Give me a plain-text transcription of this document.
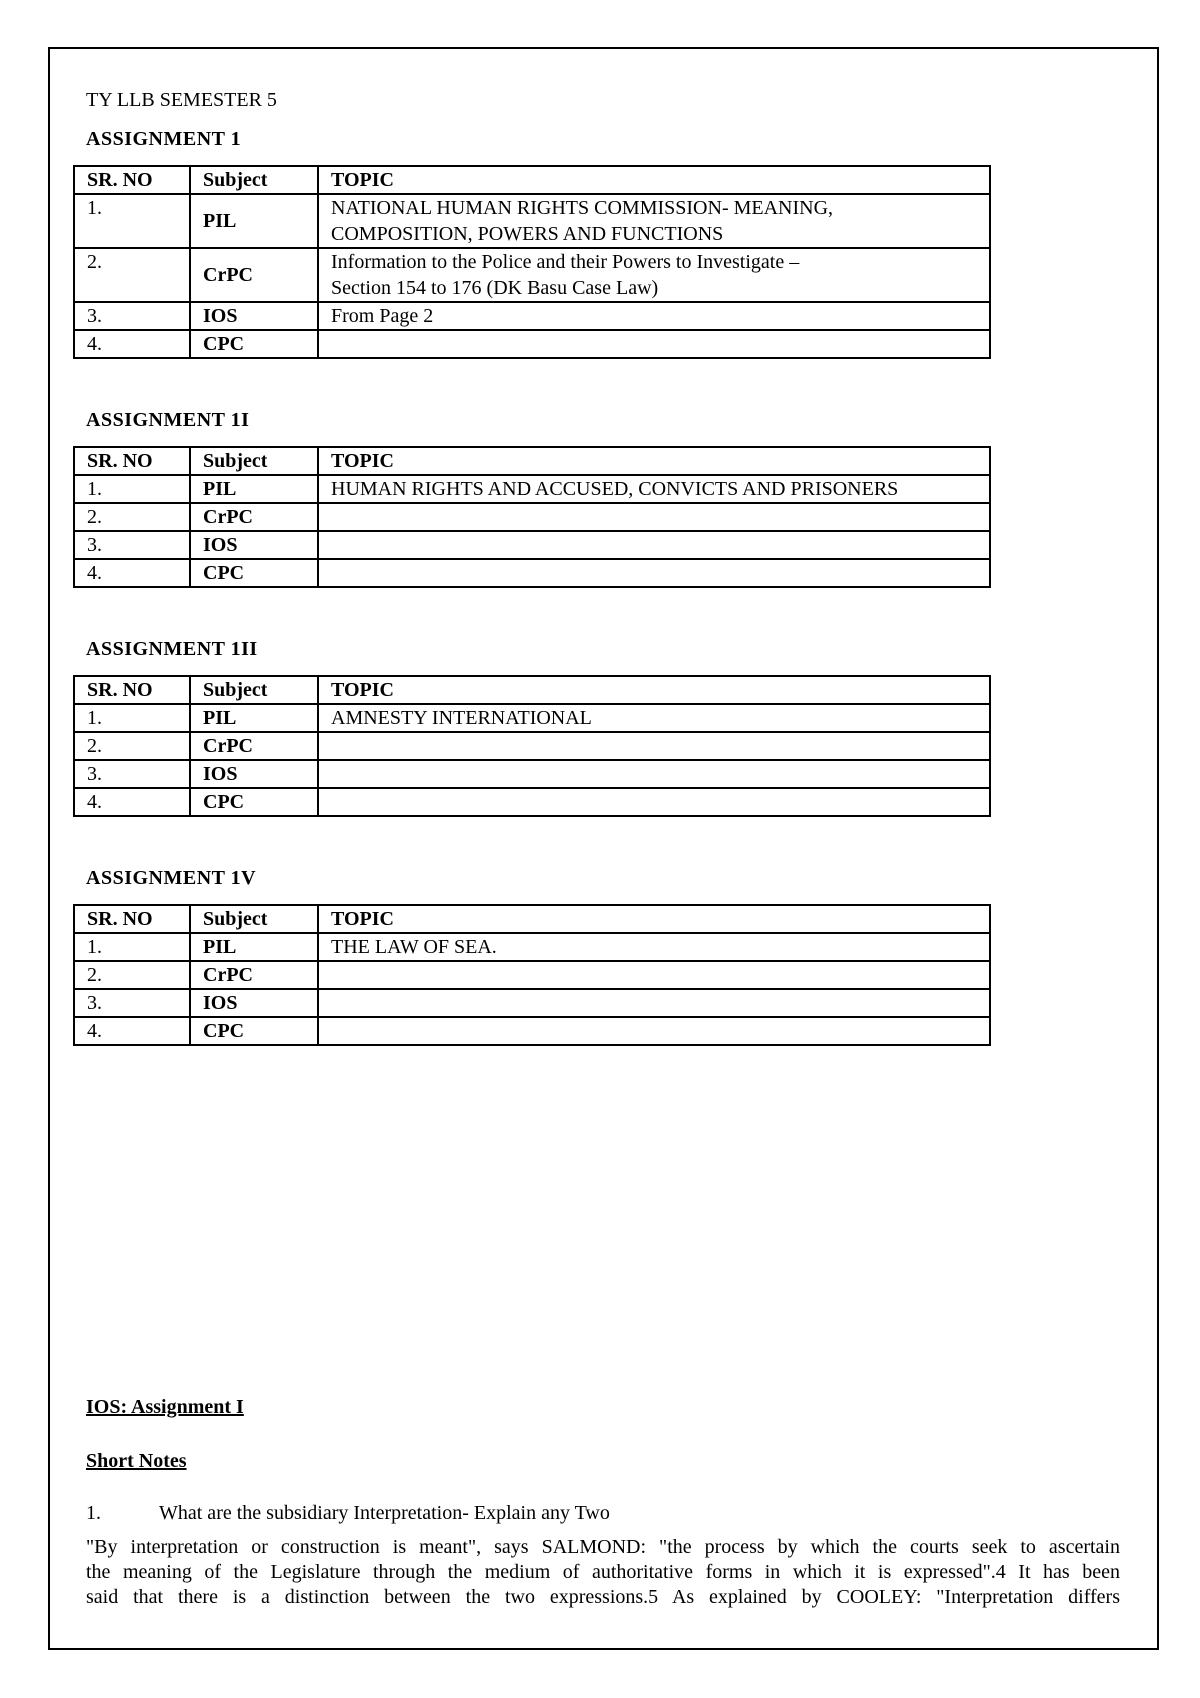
TY LLB SEMESTER 5
ASSIGNMENT 1
SR. NO	Subject	TOPIC
1.	PIL	NATIONAL HUMAN RIGHTS COMMISSION- MEANING,
COMPOSITION, POWERS AND FUNCTIONS

2.	CrPC	Information to the Police and their Powers to Investigate –
Section 154 to 176 (DK Basu Case Law)

3.	IOS	From Page 2
4.	CPC	
ASSIGNMENT 1I
SR. NO	Subject	TOPIC
1.	PIL	HUMAN RIGHTS AND ACCUSED, CONVICTS AND PRISONERS
2.	CrPC	
3.	IOS	
4.	CPC	
ASSIGNMENT 1II
SR. NO	Subject	TOPIC
1.	PIL	AMNESTY INTERNATIONAL
2.	CrPC	
3.	IOS	
4.	CPC	
ASSIGNMENT 1V
SR. NO	Subject	TOPIC
1.	PIL	THE LAW OF SEA.
2.	CrPC	
3.	IOS	
4.	CPC	
IOS: Assignment I
Short Notes
1.	What are the subsidiary Interpretation- Explain any Two
"By interpretation or construction is meant", says SALMOND: "the process by which the courts seek to ascertain
the meaning of the Legislature through the medium of authoritative forms in which it is expressed".4 It has been
said that there is a distinction between the two expressions.5 As explained by COOLEY: "Interpretation differs
